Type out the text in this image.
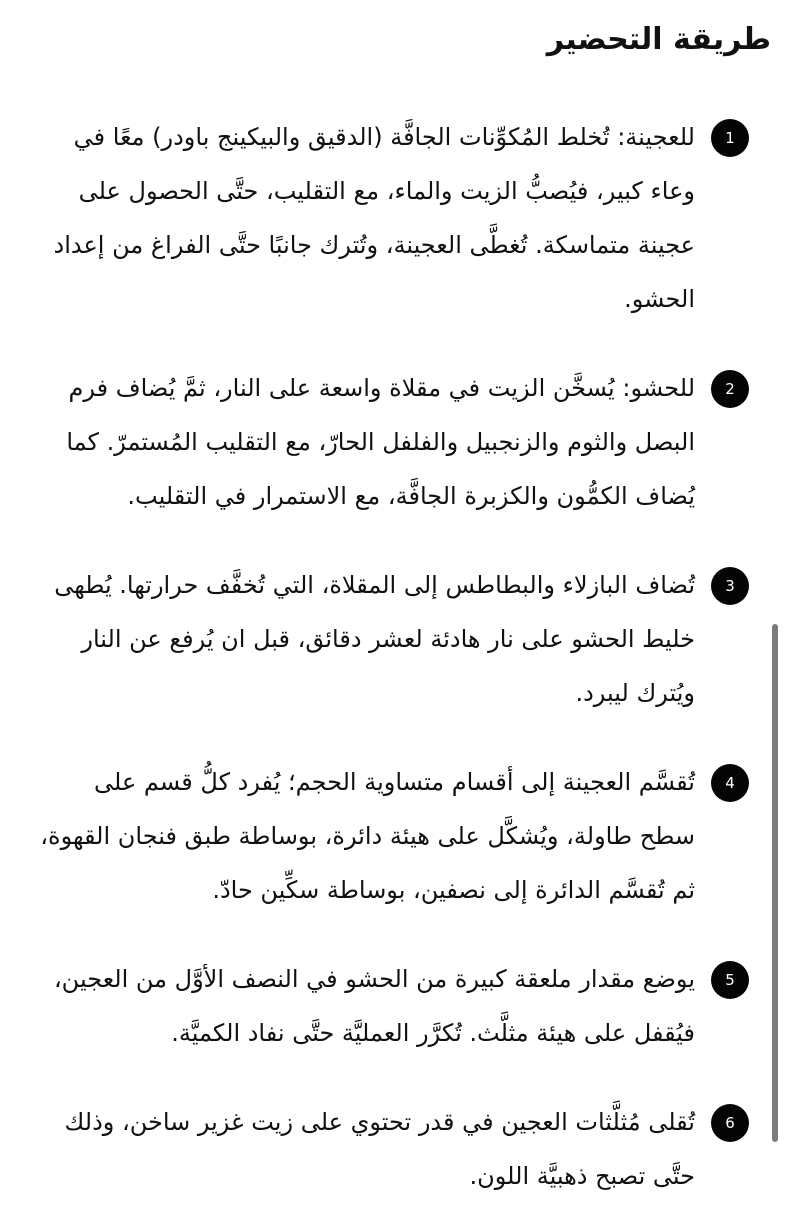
طريقة التحضير
1

للعجينة: تُخلط المُكوِّنات الجافَّة (الدقيق والبيكينج باودر) معًا في وعاء كبير، فيُصبُّ الزيت والماء، مع التقليب، حتَّى الحصول على عجينة متماسكة. تُغطَّى العجينة، وتُترك جانبًا حتَّى الفراغ من إعداد الحشو.

2

للحشو: يُسخَّن الزيت في مقلاة واسعة على النار، ثمَّ يُضاف فرم البصل والثوم والزنجبيل والفلفل الحارّ، مع التقليب المُستمرّ. كما يُضاف الكمُّون والكزبرة الجافَّة، مع الاستمرار في التقليب.

3

تُضاف البازلاء والبطاطس إلى المقلاة، التي تُخفَّف حرارتها. يُطهى خليط الحشو على نار هادئة لعشر دقائق، قبل ان يُرفع عن النار ويُترك ليبرد.

4

تُقسَّم العجينة إلى أقسام متساوية الحجم؛ يُفرد كلُّ قسم على سطح طاولة، ويُشكَّل على هيئة دائرة، بوساطة طبق فنجان القهوة، ثم تُقسَّم الدائرة إلى نصفين، بوساطة سكِّين حادّ.

5

يوضع مقدار ملعقة كبيرة من الحشو في النصف الأوَّل من العجين، فيُقفل على هيئة مثلَّث. تُكرَّر العمليَّة حتَّى نفاد الكميَّة.

6

تُقلى مُثلَّثات العجين في قدر تحتوي على زيت غزير ساخن، وذلك حتَّى تصبح ذهبيَّة اللون.
